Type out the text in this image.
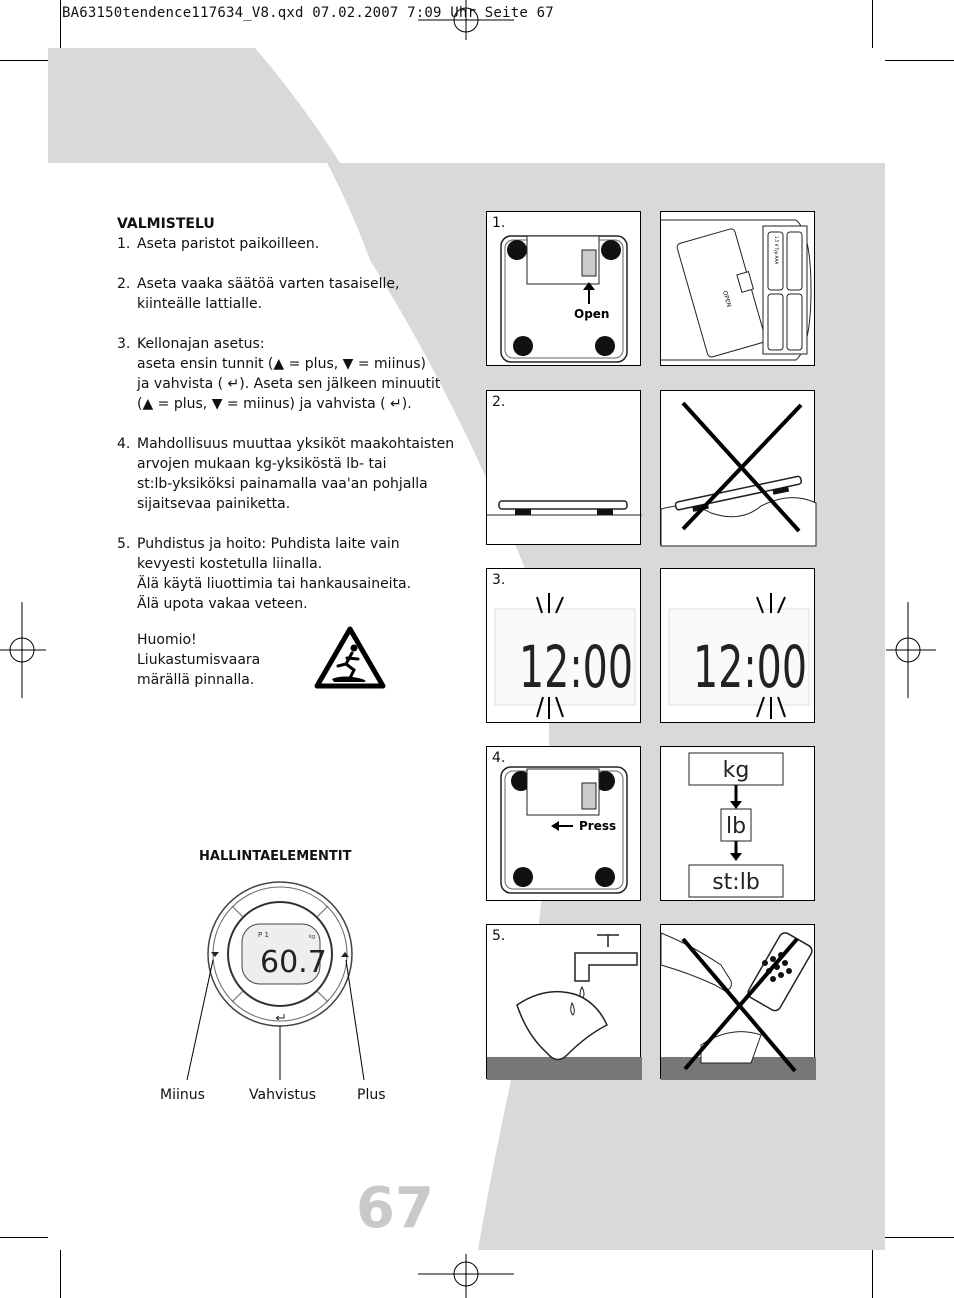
BA63150tendence117634_V8.qxd 07.02.2007 7:09 Uhr Seite 67
VALMISTELU
1. Aseta paristot paikoilleen.

2. Aseta vaaka säätöä varten tasaiselle,

kiinteälle lattialle.

3. Kellonajan asetus:

aseta ensin tunnit (▲ = plus, ▼ = miinus)

ja vahvista ( ↵). Aseta sen jälkeen minuutit

(▲ = plus, ▼ = miinus) ja vahvista ( ↵).

4. Mahdollisuus muuttaa yksiköt maakohtaisten

arvojen mukaan kg-yksiköstä lb- tai

st:lb-yksiköksi painamalla vaa'an pohjalla

sijaitsevaa painiketta.

5. Puhdistus ja hoito: Puhdista laite vain

kevyesti kostetulla liinalla.

Älä käytä liuottimia tai hankausaineita.

Älä upota vakaa veteen.

Huomio!
Liukastumisvaara
märällä pinnalla.
HALLINTAELEMENTIT
P 1	kg
60.7
Miinus	Vahvistus	Plus
1.
Open
OPEN
1,5 V Typ AAA
2.
3.
12:00 12:00
4.
Press
kg
lb
st:lb
5.
67
